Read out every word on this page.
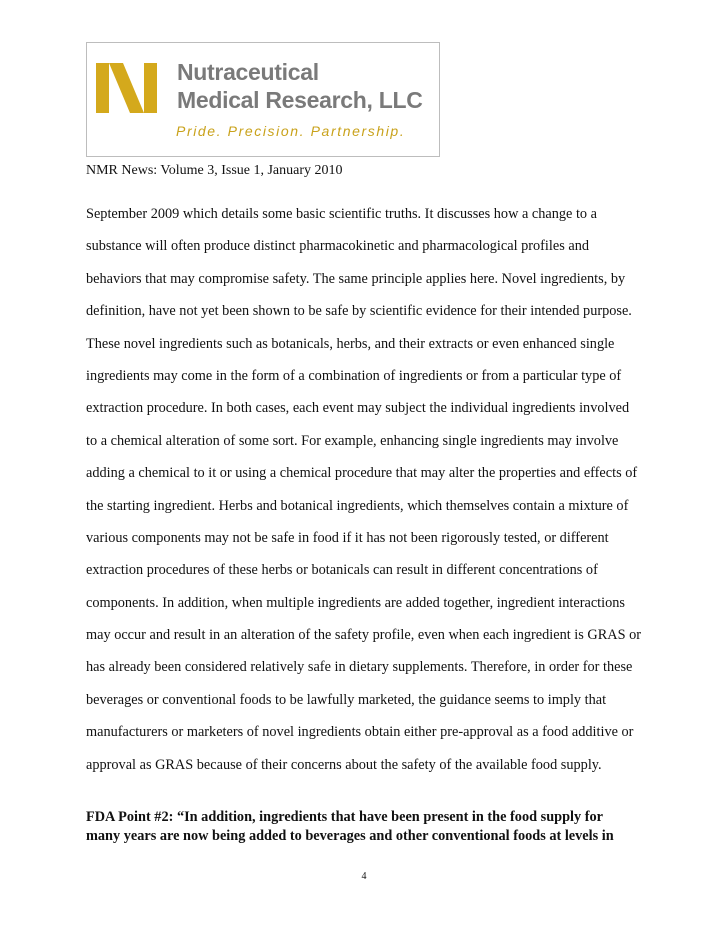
Nutraceutical
Medical Research, LLC
Pride. Precision. Partnership.
NMR News: Volume 3, Issue 1, January 2010
September 2009 which details some basic scientific truths. It discusses how a change to a
substance will often produce distinct pharmacokinetic and pharmacological profiles and
behaviors that may compromise safety. The same principle applies here. Novel ingredients, by
definition, have not yet been shown to be safe by scientific evidence for their intended purpose.
These novel ingredients such as botanicals, herbs, and their extracts or even enhanced single
ingredients may come in the form of a combination of ingredients or from a particular type of
extraction procedure. In both cases, each event may subject the individual ingredients involved
to a chemical alteration of some sort. For example, enhancing single ingredients may involve
adding a chemical to it or using a chemical procedure that may alter the properties and effects of
the starting ingredient. Herbs and botanical ingredients, which themselves contain a mixture of
various components may not be safe in food if it has not been rigorously tested, or different
extraction procedures of these herbs or botanicals can result in different concentrations of
components. In addition, when multiple ingredients are added together, ingredient interactions
may occur and result in an alteration of the safety profile, even when each ingredient is GRAS or
has already been considered relatively safe in dietary supplements. Therefore, in order for these
beverages or conventional foods to be lawfully marketed, the guidance seems to imply that
manufacturers or marketers of novel ingredients obtain either pre-approval as a food additive or
approval as GRAS because of their concerns about the safety of the available food supply.
FDA Point #2: “In addition, ingredients that have been present in the food supply for
many years are now being added to beverages and other conventional foods at levels in
4
